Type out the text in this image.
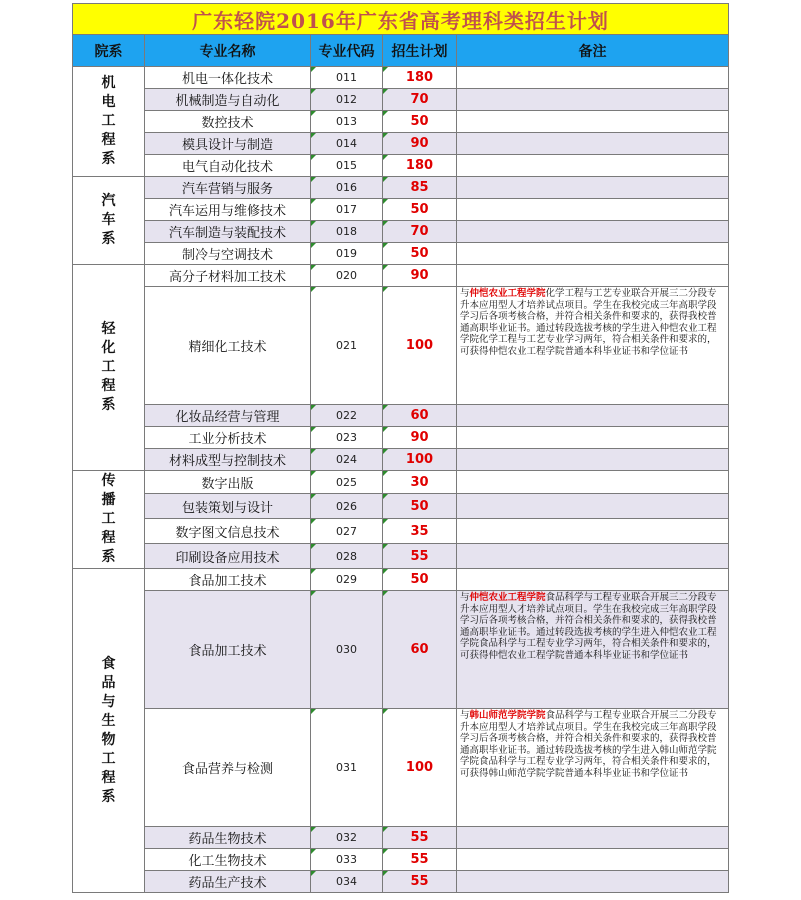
广东轻院2016年广东省高考理科类招生计划				
院系	专业名称	专业代码	招生计划	备注

机电工程系	机电一体化技术	011	180	
	机械制造与自动化	012	70	
	数控技术	013	50	
	模具设计与制造	014	90	
	电气自动化技术	015	180	

汽车系	汽车营销与服务	016	85	
	汽车运用与维修技术	017	50	
	汽车制造与装配技术	018	70	
	制冷与空调技术	019	50	

轻化工程系	高分子材料加工技术	020	90	
	精细化工技术	021	100	与仲恺农业工程学院化学工程与工艺专业联合开展三二分段专升本应用型人才培养试点项目。学生在我校完成三年高职学段学习后各项考核合格，并符合相关条件和要求的，获得我校普通高职毕业证书。通过转段选拔考核的学生进入仲恺农业工程学院化学工程与工艺专业学习两年，符合相关条件和要求的，可获得仲恺农业工程学院普通本科毕业证书和学位证书
	化妆品经营与管理	022	60	
	工业分析技术	023	90	
	材料成型与控制技术	024	100	

传播工程系	数字出版	025	30	
	包装策划与设计	026	50	
	数字图文信息技术	027	35	
	印刷设备应用技术	028	55	

食品与生物工程系	食品加工技术	029	50	
	食品加工技术	030	60	与仲恺农业工程学院食品科学与工程专业联合开展三二分段专升本应用型人才培养试点项目。学生在我校完成三年高职学段学习后各项考核合格，并符合相关条件和要求的，获得我校普通高职毕业证书。通过转段选拔考核的学生进入仲恺农业工程学院食品科学与工程专业学习两年，符合相关条件和要求的，可获得仲恺农业工程学院普通本科毕业证书和学位证书
	食品营养与检测	031	100	与韩山师范学院学院食品科学与工程专业联合开展三二分段专升本应用型人才培养试点项目。学生在我校完成三年高职学段学习后各项考核合格，并符合相关条件和要求的，获得我校普通高职毕业证书。通过转段选拔考核的学生进入韩山师范学院学院食品科学与工程专业学习两年，符合相关条件和要求的，可获得韩山师范学院学院普通本科毕业证书和学位证书
	药品生物技术	032	55	
	化工生物技术	033	55	
	药品生产技术	034	55	
